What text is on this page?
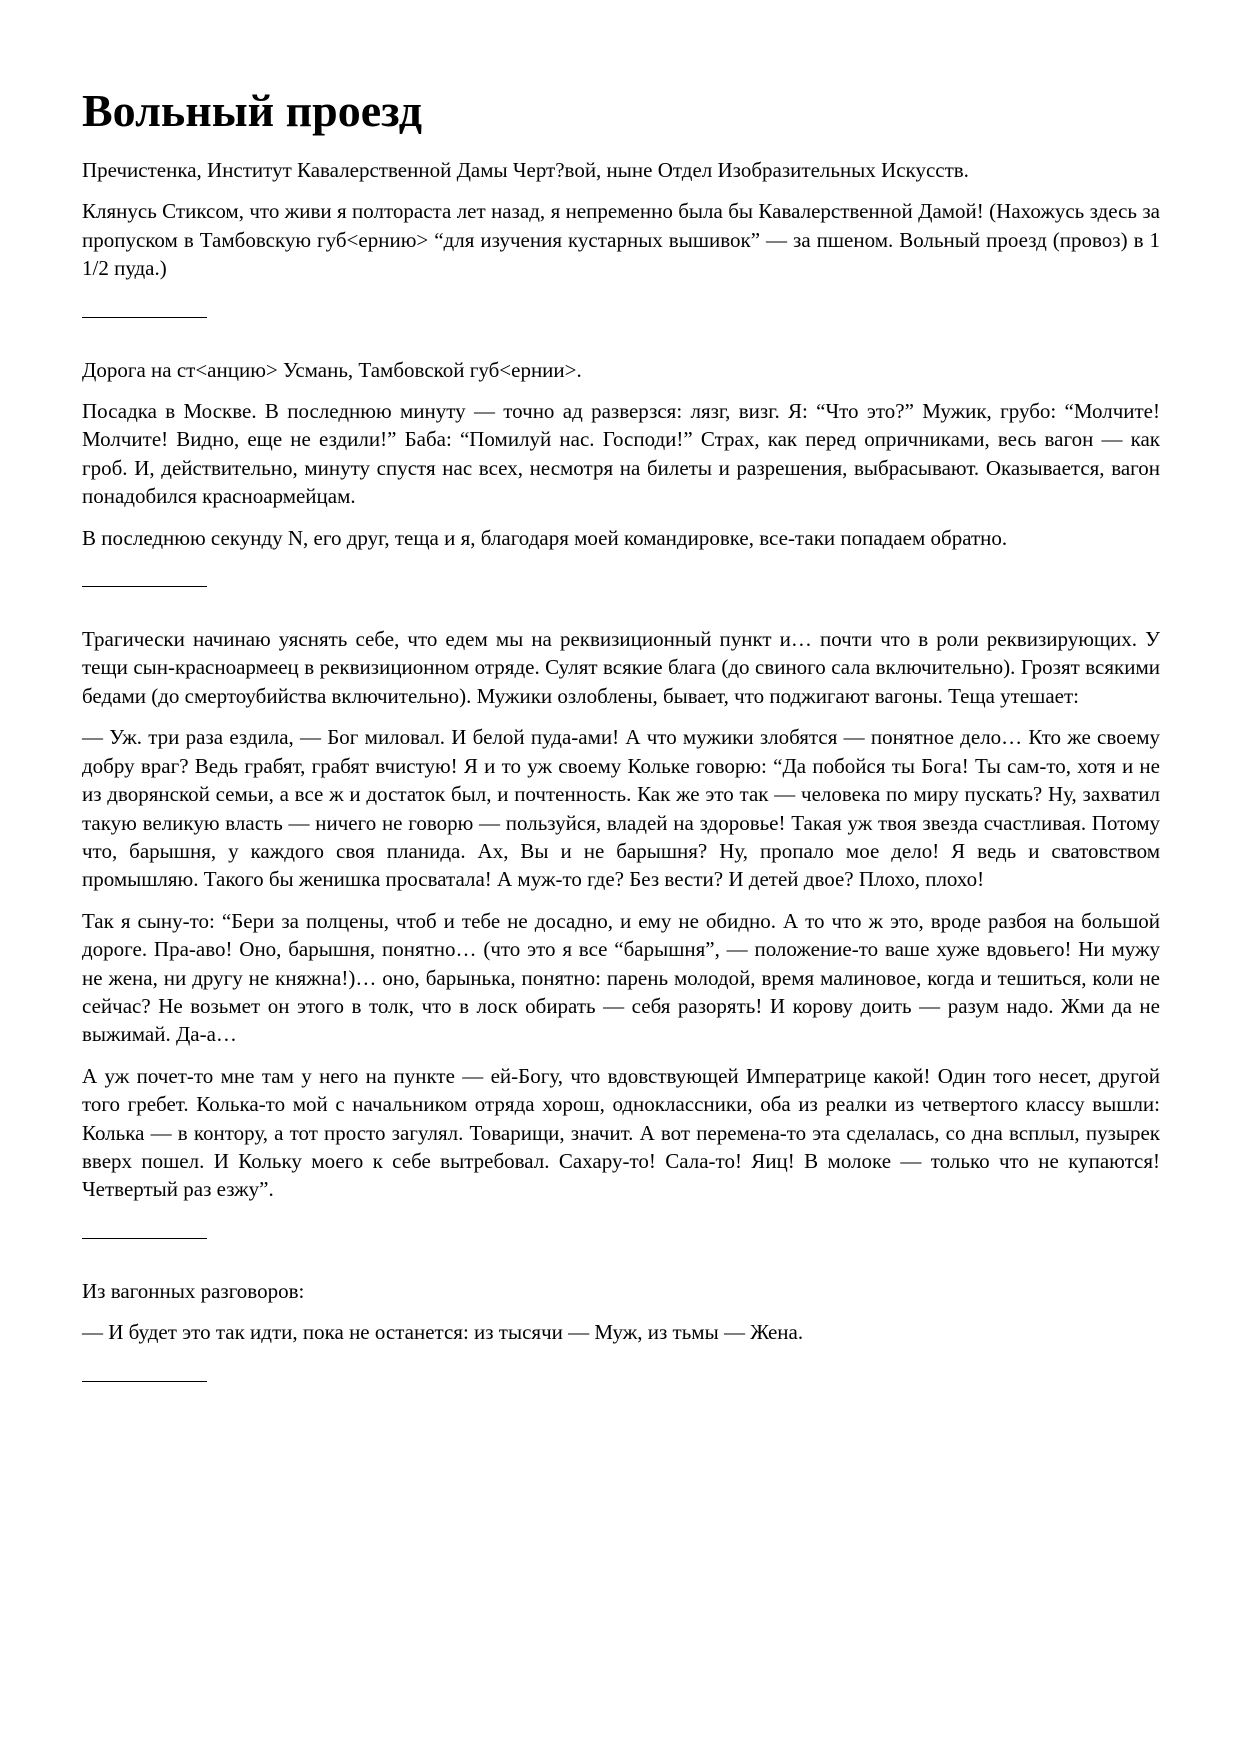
Вольный проезд

Пречистенка, Институт Кавалерственной Дамы Черт?вой, ныне Отдел Изобразительных Искусств.

Клянусь Стиксом, что живи я полтораста лет назад, я непременно была бы Кавалерственной Дамой! (Нахожусь здесь за пропуском в Тамбовскую губ<ернию> “для изучения кустарных вышивок” — за пшеном. Вольный проезд (провоз) в 1 1/2 пуда.)

Дорога на ст<анцию> Усмань, Тамбовской губ<ернии>.

Посадка в Москве. В последнюю минуту — точно ад разверзся: лязг, визг. Я: “Что это?” Мужик, грубо: “Молчите! Молчите! Видно, еще не ездили!” Баба: “Помилуй нас. Господи!” Страх, как перед опричниками, весь вагон — как гроб. И, действительно, минуту спустя нас всех, несмотря на билеты и разрешения, выбрасывают. Оказывается, вагон понадобился красноармейцам.

В последнюю секунду N, его друг, теща и я, благодаря моей командировке, все-таки попадаем обратно.

Трагически начинаю уяснять себе, что едем мы на реквизиционный пункт и… почти что в роли реквизирующих. У тещи сын-красноармеец в реквизиционном отряде. Сулят всякие блага (до свиного сала включительно). Грозят всякими бедами (до смертоубийства включительно). Мужики озлоблены, бывает, что поджигают вагоны. Теща утешает:

— Уж. три раза ездила, — Бог миловал. И белой пуда-ами! А что мужики злобятся — понятное дело… Кто же своему добру враг? Ведь грабят, грабят вчистую! Я и то уж своему Кольке говорю: “Да побойся ты Бога! Ты сам-то, хотя и не из дворянской семьи, а все ж и достаток был, и почтенность. Как же это так — человека по миру пускать? Ну, захватил такую великую власть — ничего не говорю — пользуйся, владей на здоровье! Такая уж твоя звезда счастливая. Потому что, барышня, у каждого своя планида. Ах, Вы и не барышня? Ну, пропало мое дело! Я ведь и сватовством промышляю. Такого бы женишка просватала! А муж-то где? Без вести? И детей двое? Плохо, плохо!

Так я сыну-то: “Бери за полцены, чтоб и тебе не досадно, и ему не обидно. А то что ж это, вроде разбоя на большой дороге. Пра-аво! Оно, барышня, понятно… (что это я все “барышня”, — положение-то ваше хуже вдовьего! Ни мужу не жена, ни другу не княжна!)… оно, барынька, понятно: парень молодой, время малиновое, когда и тешиться, коли не сейчас? Не возьмет он этого в толк, что в лоск обирать — себя разорять! И корову доить — разум надо. Жми да не выжимай. Да-а…

А уж почет-то мне там у него на пункте — ей-Богу, что вдовствующей Императрице какой! Один того несет, другой того гребет. Колька-то мой с начальником отряда хорош, одноклассники, оба из реалки из четвертого классу вышли: Колька — в контору, а тот просто загулял. Товарищи, значит. А вот перемена-то эта сделалась, со дна всплыл, пузырек вверх пошел. И Кольку моего к себе вытребовал. Сахару-то! Сала-то! Яиц! В молоке — только что не купаются! Четвертый раз езжу”.

Из вагонных разговоров:

— И будет это так идти, пока не останется: из тысячи — Муж, из тьмы — Жена.
